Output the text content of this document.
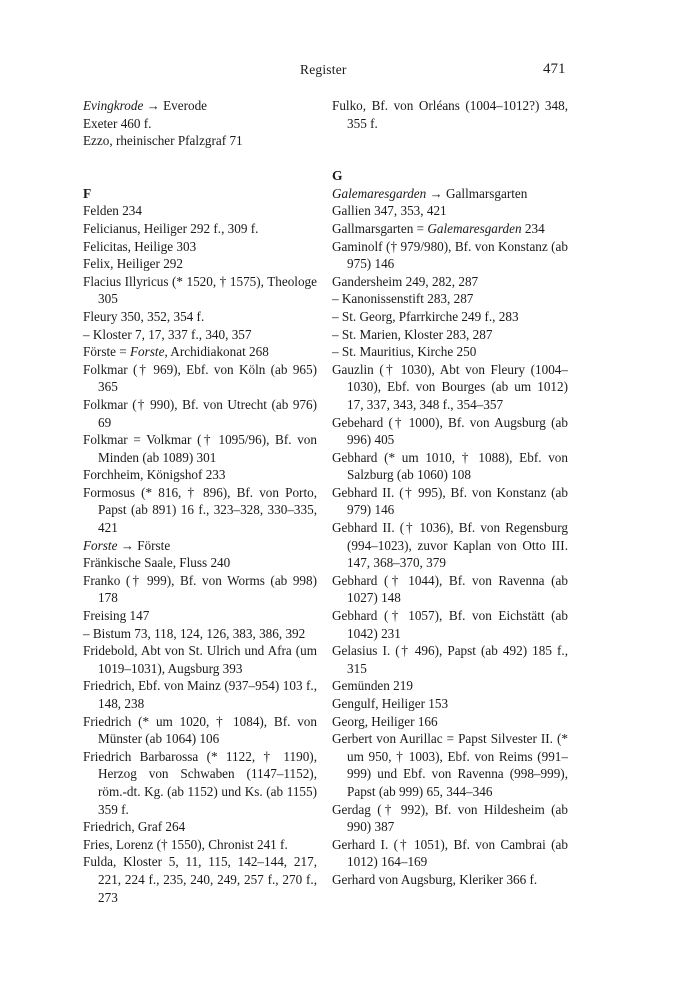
Register	471
Evingkrode → Everode
Exeter 460 f.
Ezzo, rheinischer Pfalzgraf 71
F
Felden 234
Felicianus, Heiliger 292 f., 309 f.
Felicitas, Heilige 303
Felix, Heiliger 292
Flacius Illyricus (* 1520, † 1575), Theologe 305
Fleury 350, 352, 354 f.
– Kloster 7, 17, 337 f., 340, 357
Förste = Forste, Archidiakonat 268
Folkmar († 969), Ebf. von Köln (ab 965) 365
Folkmar († 990), Bf. von Utrecht (ab 976) 69
Folkmar = Volkmar († 1095/96), Bf. von Minden (ab 1089) 301
Forchheim, Königshof 233
Formosus (* 816, † 896), Bf. von Porto, Papst (ab 891) 16 f., 323–328, 330–335, 421
Forste → Förste
Fränkische Saale, Fluss 240
Franko († 999), Bf. von Worms (ab 998) 178
Freising 147
– Bistum 73, 118, 124, 126, 383, 386, 392
Fridebold, Abt von St. Ulrich und Afra (um 1019–1031), Augsburg 393
Friedrich, Ebf. von Mainz (937–954) 103 f., 148, 238
Friedrich (* um 1020, † 1084), Bf. von Münster (ab 1064) 106
Friedrich Barbarossa (* 1122, † 1190), Herzog von Schwaben (1147–1152), röm.-dt. Kg. (ab 1152) und Ks. (ab 1155) 359 f.
Friedrich, Graf 264
Fries, Lorenz († 1550), Chronist 241 f.
Fulda, Kloster 5, 11, 115, 142–144, 217, 221, 224 f., 235, 240, 249, 257 f., 270 f., 273
Fulko, Bf. von Orléans (1004–1012?) 348, 355 f.
G
Galemaresgarden → Gallmarsgarten
Gallien 347, 353, 421
Gallmarsgarten = Galemaresgarden 234
Gaminolf († 979/980), Bf. von Konstanz (ab 975) 146
Gandersheim 249, 282, 287
– Kanonissenstift 283, 287
– St. Georg, Pfarrkirche 249 f., 283
– St. Marien, Kloster 283, 287
– St. Mauritius, Kirche 250
Gauzlin († 1030), Abt von Fleury (1004–1030), Ebf. von Bourges (ab um 1012) 17, 337, 343, 348 f., 354–357
Gebehard († 1000), Bf. von Augsburg (ab 996) 405
Gebhard (* um 1010, † 1088), Ebf. von Salzburg (ab 1060) 108
Gebhard II. († 995), Bf. von Konstanz (ab 979) 146
Gebhard II. († 1036), Bf. von Regensburg (994–1023), zuvor Kaplan von Otto III. 147, 368–370, 379
Gebhard († 1044), Bf. von Ravenna (ab 1027) 148
Gebhard († 1057), Bf. von Eichstätt (ab 1042) 231
Gelasius I. († 496), Papst (ab 492) 185 f., 315
Gemünden 219
Gengulf, Heiliger 153
Georg, Heiliger 166
Gerbert von Aurillac = Papst Silvester II. (* um 950, † 1003), Ebf. von Reims (991–999) und Ebf. von Ravenna (998–999), Papst (ab 999) 65, 344–346
Gerdag († 992), Bf. von Hildesheim (ab 990) 387
Gerhard I. († 1051), Bf. von Cambrai (ab 1012) 164–169
Gerhard von Augsburg, Kleriker 366 f.
